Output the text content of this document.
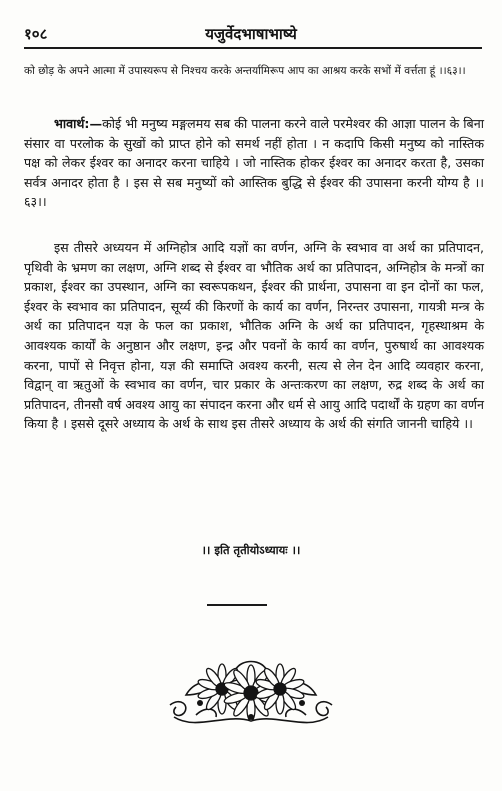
१०८	यजुर्वेदभाषाभाष्ये

को छोड़ के अपने आत्मा में उपास्यरूप से निश्चय करके अन्तर्यामिरूप आप का आश्रय करके सभों में वर्त्तता हूं ।।६३।।

भावार्थ:—कोई भी मनुष्य मङ्गलमय सब की पालना करने वाले परमेश्वर की आज्ञा पालन के बिना संसार वा परलोक के सुखों को प्राप्त होने को समर्थ नहीं होता । न कदापि किसी मनुष्य को नास्तिक पक्ष को लेकर ईश्वर का अनादर करना चाहिये । जो नास्तिक होकर ईश्वर का अनादर करता है, उसका सर्वत्र अनादर होता है । इस से सब मनुष्यों को आस्तिक बुद्धि से ईश्वर की उपासना करनी योग्य है ।।६३।।

इस तीसरे अध्ययन में अग्निहोत्र आदि यज्ञों का वर्णन, अग्नि के स्वभाव वा अर्थ का प्रतिपादन, पृथिवी के भ्रमण का लक्षण, अग्नि शब्द से ईश्वर वा भौतिक अर्थ का प्रतिपादन, अग्निहोत्र के मन्त्रों का प्रकाश, ईश्वर का उपस्थान, अग्नि का स्वरूपकथन, ईश्वर की प्रार्थना, उपासना वा इन दोनों का फल, ईश्वर के स्वभाव का प्रतिपादन, सूर्य्य की किरणों के कार्य का वर्णन, निरन्तर उपासना, गायत्री मन्त्र के अर्थ का प्रतिपादन यज्ञ के फल का प्रकाश, भौतिक अग्नि के अर्थ का प्रतिपादन, गृहस्थाश्रम के आवश्यक कार्यों के अनुष्ठान और लक्षण, इन्द्र और पवनों के कार्य का वर्णन, पुरुषार्थ का आवश्यक करना, पापों से निवृत्त होना, यज्ञ की समाप्ति अवश्य करनी, सत्य से लेन देन आदि व्यवहार करना, विद्वान् वा ऋतुओं के स्वभाव का वर्णन, चार प्रकार के अन्तःकरण का लक्षण, रुद्र शब्द के अर्थ का प्रतिपादन, तीनसौ वर्ष अवश्य आयु का संपादन करना और धर्म से आयु आदि पदार्थों के ग्रहण का वर्णन किया है । इससे दूसरे अध्याय के अर्थ के साथ इस तीसरे अध्याय के अर्थ की संगति जाननी चाहिये ।।

।। इति तृतीयोऽध्यायः ।।
